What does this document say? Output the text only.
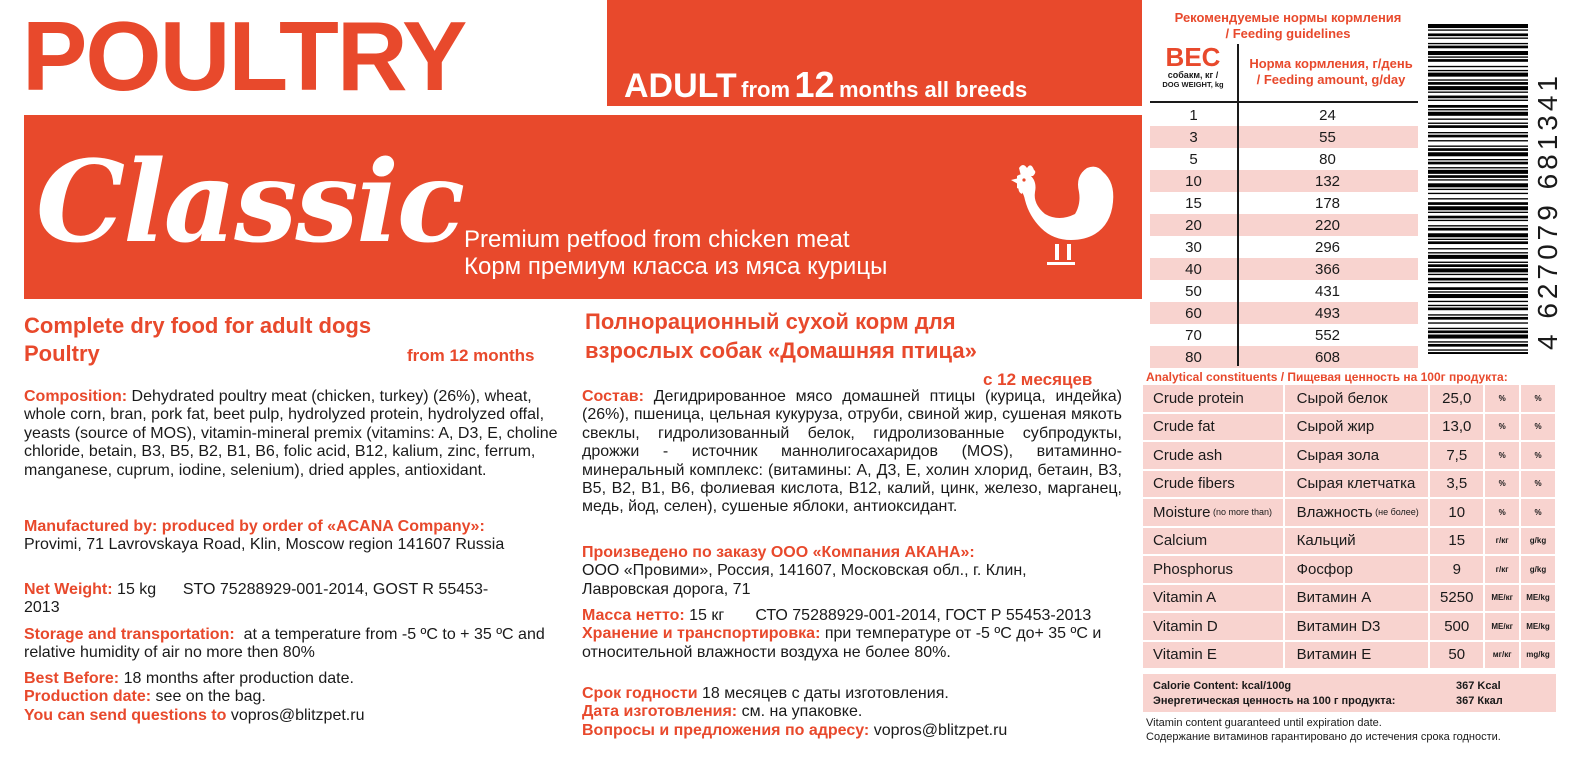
POULTRY	ADULT from 12 months all breeds
Classic Premium petfood from chicken meat
Корм премиум класса из мяса курицы
Complete dry food for adult dogs
Poultry	from 12 months
Полнорационный сухой корм для
взрослых собак «Домашняя птица»
с 12 месяцев
Composition: Dehydrated poultry meat (chicken, turkey) (26%), wheat, whole corn, bran, pork fat, beet pulp, hydrolyzed protein, hydrolyzed offal, yeasts (source of MOS), vitamin-mineral premix (vitamins: A, D3, E, choline chloride, betain, B3, B5, B2, B1, B6, folic acid, B12, kalium, zinc, ferrum, manganese, cuprum, iodine, selenium), dried apples, antioxidant.
Manufactured by: produced by order of «ACANA Company»:
Provimi, 71 Lavrovskaya Road, Klin, Moscow region 141607 Russia
Net Weight: 15 kg      STO 75288929-001-2014, GOST R 55453-2013
Storage and transportation:  at a temperature from -5 ºC to + 35 ºC and relative humidity of air no more then 80%
Best Before: 18 months after production date.
Production date: see on the bag.
You can send questions to vopros@blitzpet.ru
Состав: Дегидрированное мясо домашней птицы (курица, индейка) (26%), пшеница, цельная кукуруза, отруби, свиной жир, сушеная мякоть свеклы, гидролизованный белок, гидролизованные субпродукты, дрожжи - источник маннолигосахаридов (MOS), витаминно-минеральный комплекс: (витамины: А, Д3, Е, холин хлорид, бетаин, В3, В5, В2, В1, В6, фолиевая кислота, В12, калий, цинк, железо, марганец, медь, йод, селен), сушеные яблоки, антиоксидант.
Произведено по заказу ООО «Компания АКАНА»:
ООО «Провими», Россия, 141607, Московская обл., г. Клин, Лавровская дорога, 71
Масса нетто: 15 кг       СТО 75288929-001-2014, ГОСТ Р 55453-2013  Хранение и транспортировка: при температуре от -5 ºС до+ 35 ºС и относительной влажности воздуха не более 80%.
Срок годности 18 месяцев с даты изготовления.
Дата изготовления: см. на упаковке.
Вопросы и предложения по адресу: vopros@blitzpet.ru
Рекомендуемые нормы кормления
/ Feeding guidelines
ВЕС
собакм, кг /
DOG WEIGHT, kg
Норма кормления, г/день
/ Feeding amount, g/day
1	24
3	55
5	80
10	132
15	178
20	220
30	296
40	366
50	431
60	493
70	552
80	608
4 627079 681341
Analytical constituents / Пищевая ценность на 100г продукта:
Crude protein	Сырой белок	25,0	%	%
Crude fat	Сырой жир	13,0	%	%
Crude ash	Сырая зола	7,5	%	%
Crude fibers	Сырая клетчатка	3,5	%	%
Moisture (no more than) Влажность (не более)	10	%	%
Calcium	Кальций	15	г/кг	g/kg
Phosphorus	Фосфор	9	г/кг	g/kg
Vitamin A	Витамин А	5250	МЕ/кг	ME/kg
Vitamin D	Витамин D3	500	МЕ/кг	ME/kg
Vitamin E	Витамин Е	50	мг/кг	mg/kg
Calorie Content: kcal/100g	367 Kcal
Энергетическая ценность на 100 г продукта:	367 Ккал
Vitamin content guaranteed until expiration date.
Содержание витаминов гарантировано до истечения срока годности.
